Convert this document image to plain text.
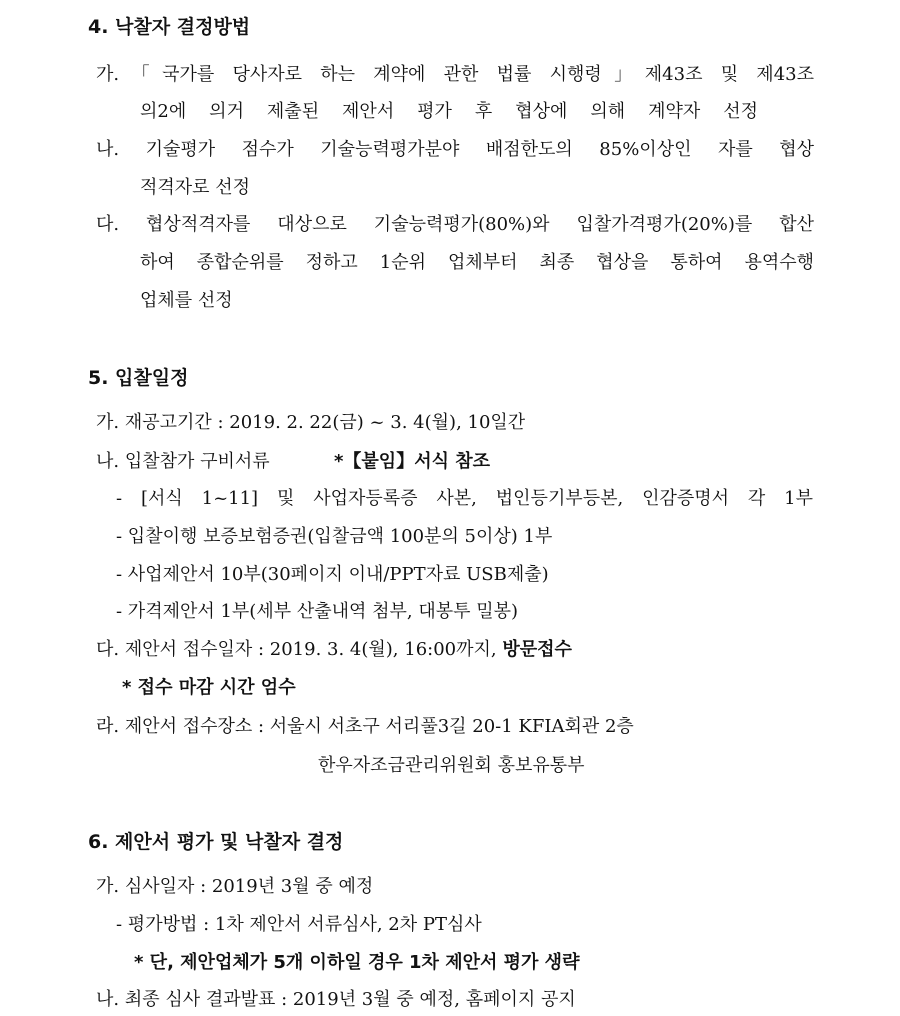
4. 낙찰자 결정방법
가.「국가를 당사자로 하는 계약에 관한 법률 시행령」제43조 및 제43조
의2에 의거 제출된 제안서 평가 후 협상에 의해 계약자 선정
나. 기술평가 점수가 기술능력평가분야 배점한도의 85%이상인 자를 협상
적격자로 선정
다. 협상적격자를 대상으로 기술능력평가(80%)와 입찰가격평가(20%)를 합산
하여 종합순위를 정하고 1순위 업체부터 최종 협상을 통하여 용역수행
업체를 선정
5. 입찰일정
가. 재공고기간 : 2019. 2. 22(금) ~ 3. 4(월), 10일간
나. 입찰참가 구비서류	*【붙임】서식 참조
- [서식 1~11] 및 사업자등록증 사본, 법인등기부등본, 인감증명서 각 1부
- 입찰이행 보증보험증권(입찰금액 100분의 5이상) 1부
- 사업제안서 10부(30페이지 이내/PPT자료 USB제출)
- 가격제안서 1부(세부 산출내역 첨부, 대봉투 밀봉)
다. 제안서 접수일자 : 2019. 3. 4(월), 16:00까지, 방문접수
* 접수 마감 시간 엄수
라. 제안서 접수장소 : 서울시 서초구 서리풀3길 20-1 KFIA회관 2층
한우자조금관리위원회 홍보유통부
6. 제안서 평가 및 낙찰자 결정
가. 심사일자 : 2019년 3월 중 예정
- 평가방법 : 1차 제안서 서류심사, 2차 PT심사
* 단, 제안업체가 5개 이하일 경우 1차 제안서 평가 생략
나. 최종 심사 결과발표 : 2019년 3월 중 예정, 홈페이지 공지
